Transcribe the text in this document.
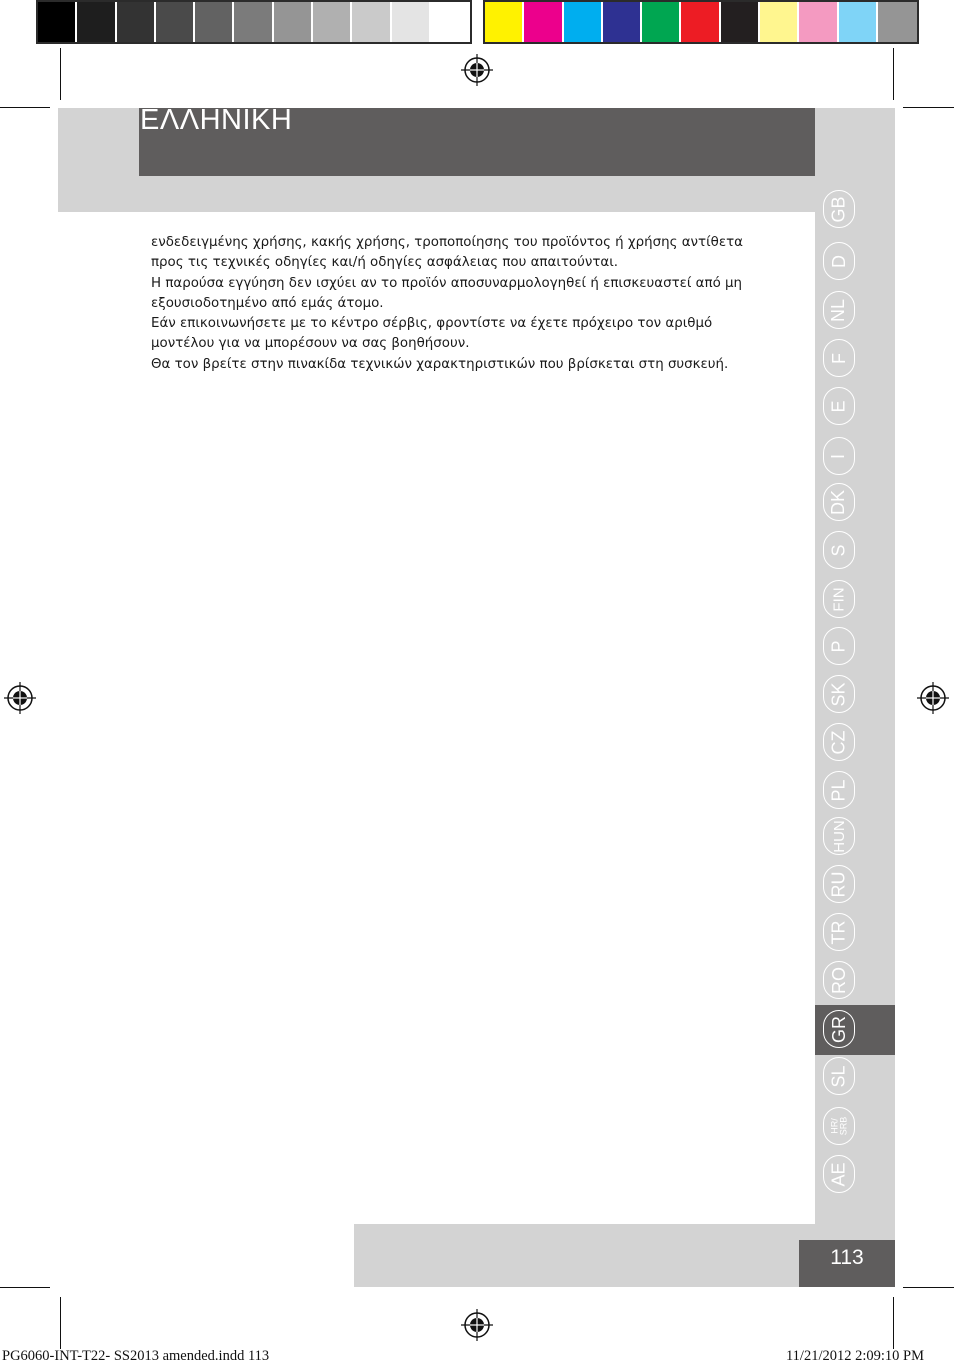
ΕΛΛΗΝΙΚΗ
GB
D
NL
F
E
I
DK
S
FIN
P
SK
CZ
PL
HUN
RU
TR
RO
GR
SL
HR/
SRB
AE

ενδεδειγμένης χρήσης, κακής χρήσης, τροποποίησης του προϊόντος ή χρήσης αντίθετα

προς τις τεχνικές οδηγίες και/ή οδηγίες ασφάλειας που απαιτούνται.

Η παρούσα εγγύηση δεν ισχύει αν το προϊόν αποσυναρμολογηθεί ή επισκευαστεί από μη

εξουσιοδοτημένο από εμάς άτομο.

Εάν επικοινωνήσετε με το κέντρο σέρβις, φροντίστε να έχετε πρόχειρο τον αριθμό

μοντέλου για να μπορέσουν να σας βοηθήσουν.

Θα τον βρείτε στην πινακίδα τεχνικών χαρακτηριστικών που βρίσκεται στη συσκευή.

113
PG6060-INT-T22- SS2013 amended.indd 113	11/21/2012 2:09:10 PM
